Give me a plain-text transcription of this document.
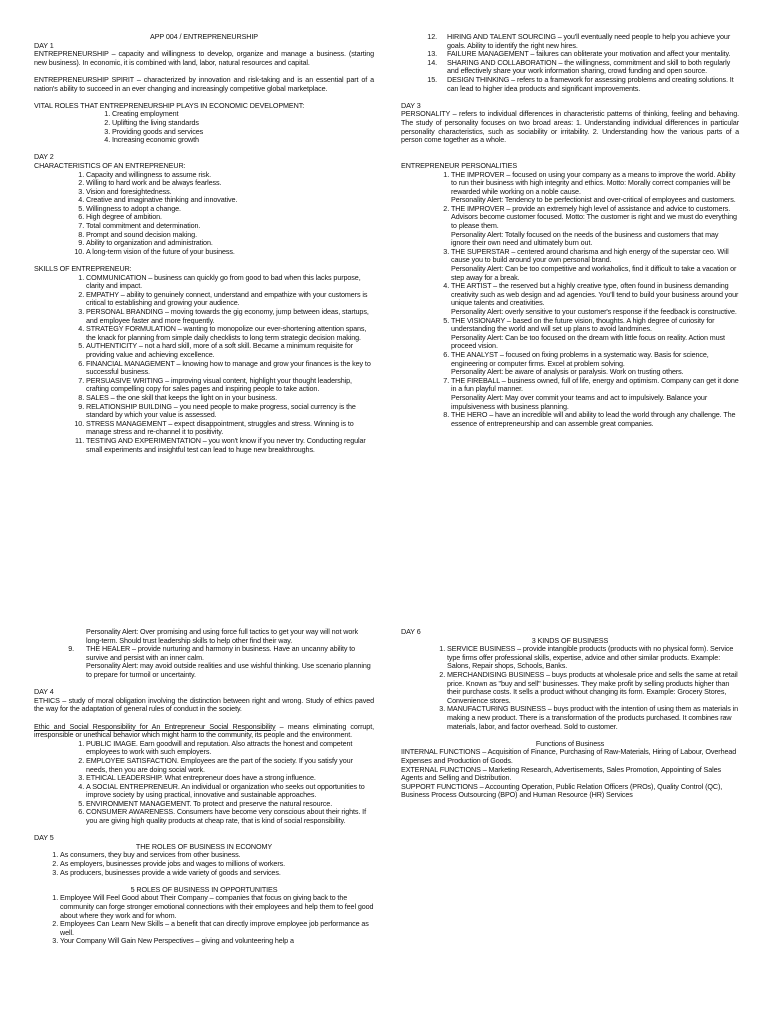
APP 004 / ENTREPRENEURSHIP
DAY 1
ENTREPRENEURSHIP – capacity and willingness to develop, organize and manage a business. (starting new business). In economic, it is combined with land, labor, natural resources and capital.
ENTREPRENEURSHIP SPIRIT – characterized by innovation and risk-taking and is an essential part of a nation's ability to succeed in an ever changing and increasingly competitive global marketplace.
VITAL ROLES THAT ENTREPRENEURSHIP PLAYS IN ECONOMIC DEVELOPMENT:
1. Creating employment
2. Uplifting the living standards
3. Providing goods and services
4. Increasing economic growth
DAY 2
CHARACTERISTICS OF AN ENTREPRENEUR:
1. Capacity and willingness to assume risk.
2. Willing to hard work and be always fearless.
3. Vision and foresightedness.
4. Creative and imaginative thinking and innovative.
5. Willingness to adopt a change.
6. High degree of ambition.
7. Total commitment and determination.
8. Prompt and sound decision making.
9. Ability to organization and administration.
10. A long-term vision of the future of your business.
SKILLS OF ENTREPRENEUR:
1. COMMUNICATION – business can quickly go from good to bad when this lacks purpose, clarity and impact.
2. EMPATHY – ability to genuinely connect, understand and empathize with your customers is critical to establishing and growing your audience.
3. PERSONAL BRANDING – moving towards the gig economy, jump between ideas, startups, and employee faster and more frequently.
4. STRATEGY FORMULATION – wanting to monopolize our ever-shortening attention spans, the knack for planning from simple daily checklists to long term strategic decision making.
5. AUTHENTICITY – not a hard skill, more of a soft skill. Became a minimum requisite for providing value and achieving excellence.
6. FINANCIAL MANAGEMENT – knowing how to manage and grow your finances is the key to successful business.
7. PERSUASIVE WRITING – improving visual content, highlight your thought leadership, crafting compelling copy for sales pages and inspiring people to take action.
8. SALES – the one skill that keeps the light on in your business.
9. RELATIONSHIP BUILDING – you need people to make progress, social currency is the standard by which your value is assessed.
10. STRESS MANAGEMENT – expect disappointment, struggles and stress. Winning is to manage stress and re-channel it to positivity.
11. TESTING AND EXPERIMENTATION – you won't know if you never try. Conducting regular small experiments and insightful test can lead to huge new breakthroughs.
12.	HIRING AND TALENT SOURCING – you'll eventually need people to help you achieve your goals. Ability to identify the right new hires.
13.	FAILURE MANAGEMENT – failures can obliterate your motivation and affect your mentality.
14.	SHARING AND COLLABORATION – the willingness, commitment and skill to both regularly and effectively share your work information sharing, crowd funding and open source.
15.	DESIGN THINKING – refers to a framework for assessing problems and creating solutions. It can lead to higher idea products and significant improvements.
DAY 3
PERSONALITY – refers to individual differences in characteristic patterns of thinking, feeling and behaving. The study of personality focuses on two broad areas: 1. Understanding individual differences in particular personality characteristics, such as sociability or irritability. 2. Understanding how the various parts of a person come together as a whole.
ENTREPRENEUR PERSONALITIES
1. THE IMPROVER – focused on using your company as a means to improve the world. Ability to run their business with high integrity and ethics. Motto: Morally correct companies will be rewarded while working on a noble cause.
Personality Alert: Tendency to be perfectionist and over-critical of employees and customers.
2. THE IMPROVER – provide an extremely high level of assistance and advice to customers. Advisors become customer focused. Motto: The customer is right and we must do everything to please them.
Personality Alert: Totally focused on the needs of the business and customers that may ignore their own need and ultimately burn out.
3. THE SUPERSTAR – centered around charisma and high energy of the superstar ceo. Will cause you to build around your own personal brand.
Personality Alert: Can be too competitive and workaholics, find it difficult to take a vacation or step away for a break.
4. THE ARTIST – the reserved but a highly creative type, often found in business demanding creativity such as web design and ad agencies. You'll tend to build your business around your unique talents and creativities.
Personality Alert: overly sensitive to your customer's response if the feedback is constructive.
5. THE VISIONARY – based on the future vision, thoughts. A high degree of curiosity for understanding the world and will set up plans to avoid landmines.
Personality Alert: Can be too focused on the dream with little focus on reality. Action must proceed vision.
6. THE ANALYST – focused on fixing problems in a systematic way. Basis for science, engineering or computer firms. Excel at problem solving.
Personality Alert: be aware of analysis or paralysis. Work on trusting others.
7. THE FIREBALL – business owned, full of life, energy and optimism. Company can get it done in a fun playful manner.
Personality Alert: May over commit your teams and act to impulsively. Balance your impulsiveness with business planning.
8. THE HERO – have an incredible will and ability to lead the world through any challenge. The essence of entrepreneurship and can assemble great companies.
Personality Alert: Over promising and using force full tactics to get your way will not work long-term. Should trust leadership skills to help other find their way.
9.	THE HEALER – provide nurturing and harmony in business. Have an uncanny ability to survive and persist with an inner calm.
Personality Alert: may avoid outside realities and use wishful thinking. Use scenario planning to prepare for turmoil or uncertainty.
DAY 4
ETHICS – study of moral obligation involving the distinction between right and wrong. Study of ethics paved the way for the adaptation of general rules of conduct in the society.
Ethic and Social Responsibility for An Entrepreneur Social Responsibility – means eliminating corrupt, irresponsible or unethical behavior which might harm to the community, its people and the environment.
1. PUBLIC IMAGE. Earn goodwill and reputation. Also attracts the honest and competent employees to work with such employers.
2. EMPLOYEE SATISFACTION. Employees are the part of the society. If you satisfy your needs, then you are doing social work.
3. ETHICAL LEADERSHIP. What entrepreneur does have a strong influence.
4. A SOCIAL ENTREPRENEUR. An individual or organization who seeks out opportunities to improve society by using practical, innovative and sustainable approaches.
5. ENVIRONMENT MANAGEMENT. To protect and preserve the natural resource.
6. CONSUMER AWARENESS. Consumers have become very conscious about their rights. If you are giving high quality products at cheap rate, that is kind of social responsibility.
DAY 5
THE ROLES OF BUSINESS IN ECONOMY
1. As consumers, they buy and services from other business.
2. As employers, businesses provide jobs and wages to millions of workers.
3. As producers, businesses provide a wide variety of goods and services.
5 ROLES OF BUSINESS IN OPPORTUNITIES
1. Employee Will Feel Good about Their Company – companies that focus on giving back to the community can forge stronger emotional connections with their employees and help them to feel good about where they work and for whom.
2. Employees Can Learn New Skills – a benefit that can directly improve employee job performance as well.
3. Your Company Will Gain New Perspectives – giving and volunteering help a
DAY 6
3 KINDS OF BUSINESS
1. SERVICE BUSINESS – provide intangible products (products with no physical form). Service type firms offer professional skills, expertise, advice and other similar products. Example: Salons, Repair shops, Schools, Banks.
2. MERCHANDISING BUSINESS – buys products at wholesale price and sells the same at retail price. Known as "buy and sell" businesses. They make profit by selling products higher than their purchase costs. It sells a product without changing its form. Example: Grocery Stores, Convenience stores.
3. MANUFACTURING BUSINESS – buys product with the intention of using them as materials in making a new product. There is a transformation of the products purchased. It combines raw materials, labor, and factor overhead. Sold to customer.
Functions of Business
IINTERNAL FUNCTIONS – Acquisition of Finance, Purchasing of Raw-Materials, Hiring of Labour, Overhead Expenses and Production of Goods.
EXTERNAL FUNCTIONS – Marketing Research, Advertisements, Sales Promotion, Appointing of Sales Agents and Selling and Distribution.
SUPPORT FUNCTIONS – Accounting Operation, Public Relation Officers (PROs), Quality Control (QC), Business Process Outsourcing (BPO) and Human Resource (HR) Services
